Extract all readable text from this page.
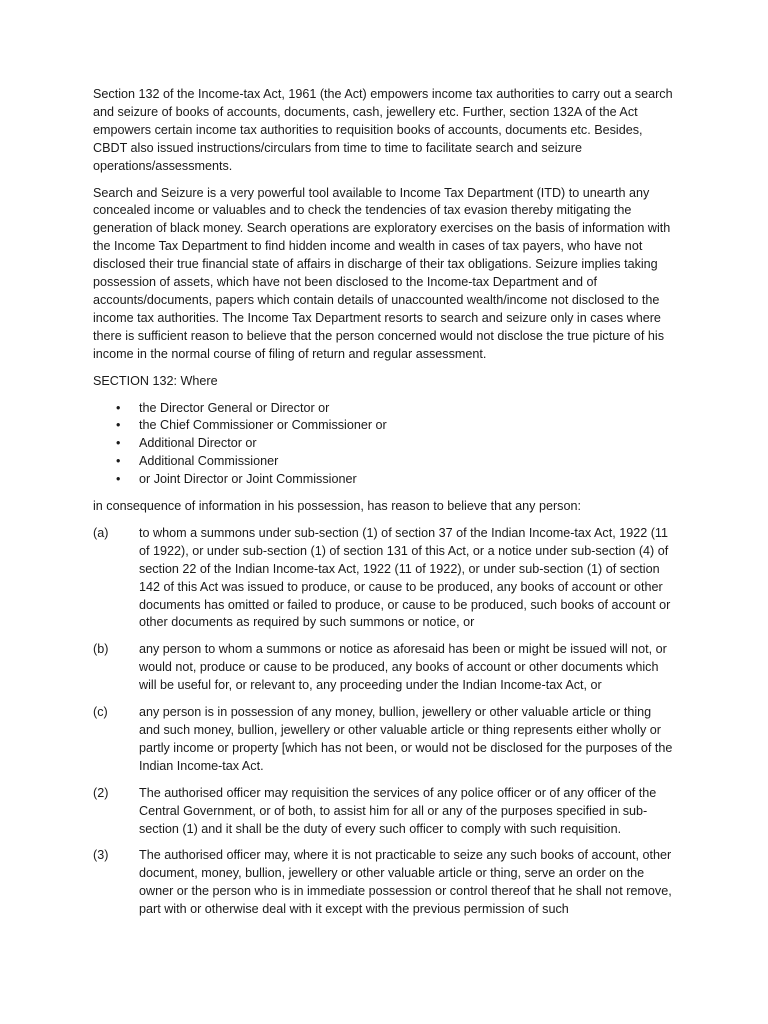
Section 132 of the Income-tax Act, 1961 (the Act) empowers income tax authorities to carry out a search and seizure of books of accounts, documents, cash, jewellery etc. Further, section 132A of the Act empowers certain income tax authorities to requisition books of accounts, documents etc. Besides, CBDT also issued instructions/circulars from time to time to facilitate search and seizure operations/assessments.

Search and Seizure is a very powerful tool available to Income Tax Department (ITD) to unearth any concealed income or valuables and to check the tendencies of tax evasion thereby mitigating the generation of black money. Search operations are exploratory exercises on the basis of information with the Income Tax Department to find hidden income and wealth in cases of tax payers, who have not disclosed their true financial state of affairs in discharge of their tax obligations. Seizure implies taking possession of assets, which have not been disclosed to the Income-tax Department and of accounts/documents, papers which contain details of unaccounted wealth/income not disclosed to the income tax authorities. The Income Tax Department resorts to search and seizure only in cases where there is sufficient reason to believe that the person concerned would not disclose the true picture of his income in the normal course of filing of return and regular assessment.

SECTION 132: Where

• the Director General or Director or
• the Chief Commissioner or Commissioner or
• Additional Director or
• Additional Commissioner
• or Joint Director or Joint Commissioner

in consequence of information in his possession, has reason to believe that any person:

(a)	to whom a summons under sub-section (1) of section 37 of the Indian Income-tax Act, 1922 (11 of 1922), or under sub-section (1) of section 131 of this Act, or a notice under sub-section (4) of section 22 of the Indian Income-tax Act, 1922 (11 of 1922), or under sub-section (1) of section 142 of this Act was issued to produce, or cause to be produced, any books of account or other documents has omitted or failed to produce, or cause to be produced, such books of account or other documents as required by such summons or notice, or
(b)	any person to whom a summons or notice as aforesaid has been or might be issued will not, or would not, produce or cause to be produced, any books of account or other documents which will be useful for, or relevant to, any proceeding under the Indian Income-tax Act, or
(c)	any person is in possession of any money, bullion, jewellery or other valuable article or thing and such money, bullion, jewellery or other valuable article or thing represents either wholly or partly income or property [which has not been, or would not be disclosed for the purposes of the Indian Income-tax Act.
(2)	The authorised officer may requisition the services of any police officer or of any officer of the Central Government, or of both, to assist him for all or any of the purposes specified in sub-section (1) and it shall be the duty of every such officer to comply with such requisition.
(3)	The authorised officer may, where it is not practicable to seize any such books of account, other document, money, bullion, jewellery or other valuable article or thing, serve an order on the owner or the person who is in immediate possession or control thereof that he shall not remove, part with or otherwise deal with it except with the previous permission of such
